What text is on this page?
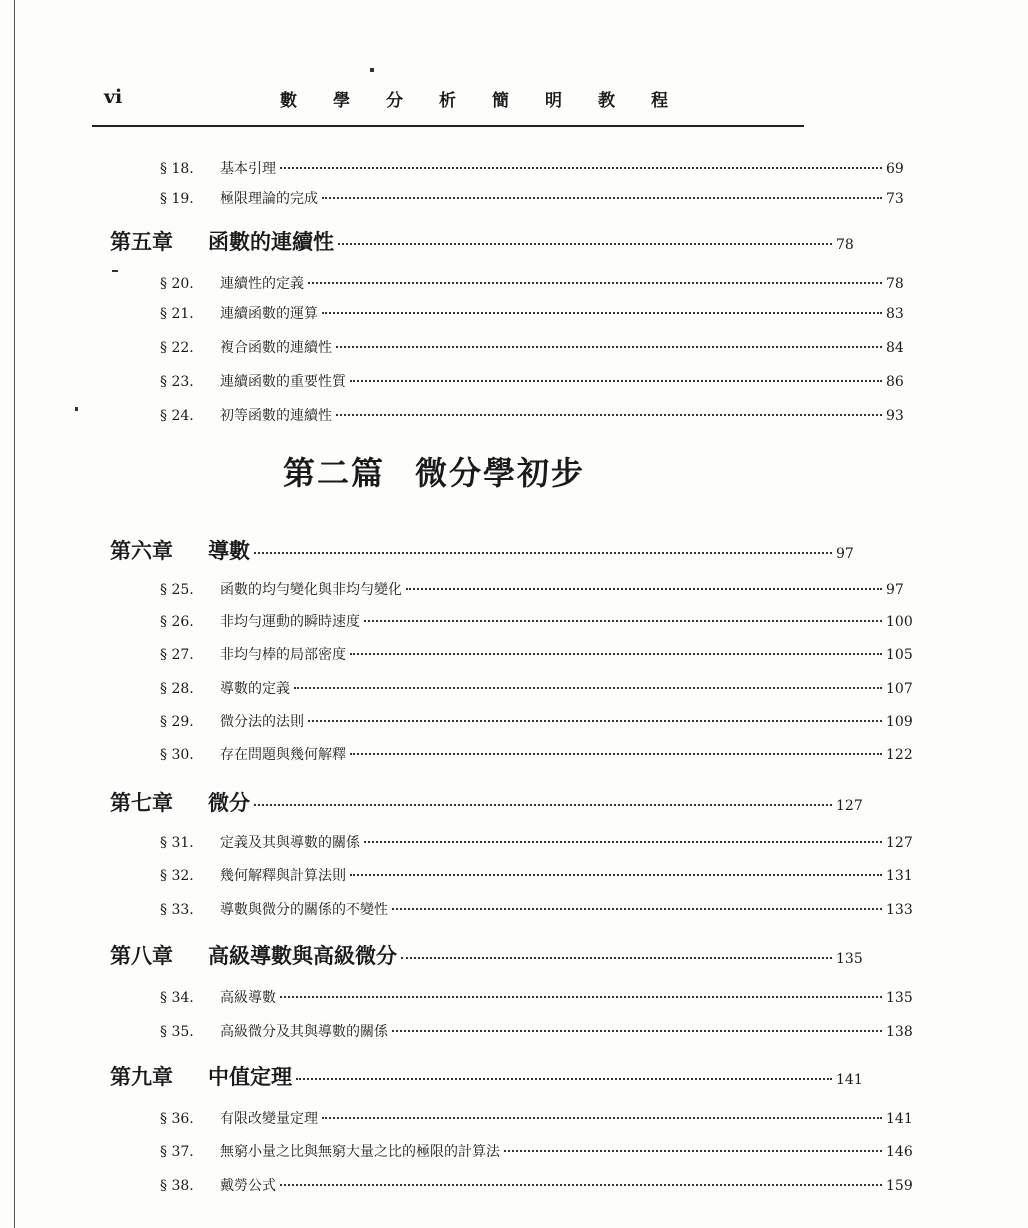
vi	數學分析簡明教程
§ 18.	基本引理	69
§ 19.	極限理論的完成	73
第五章	函數的連續性	78
§ 20.	連續性的定義	78
§ 21.	連續函數的運算	83
§ 22.	複合函數的連續性	84
§ 23.	連續函數的重要性質	86
§ 24.	初等函數的連續性	93
第六章	導數	97
§ 25.	函數的均勻變化與非均勻變化	97
§ 26.	非均勻運動的瞬時速度	100
§ 27.	非均勻棒的局部密度	105
§ 28.	導數的定義	107
§ 29.	微分法的法則	109
§ 30.	存在問題與幾何解釋	122
第七章	微分	127
§ 31.	定義及其與導數的關係	127
§ 32.	幾何解釋與計算法則	131
§ 33.	導數與微分的關係的不變性	133
第八章	高級導數與高級微分	135
§ 34.	高級導數	135
§ 35.	高級微分及其與導數的關係	138
第九章	中值定理	141
§ 36.	有限改變量定理	141
§ 37.	無窮小量之比與無窮大量之比的極限的計算法	146
§ 38.	戴勞公式	159
第二篇 微分學初步
